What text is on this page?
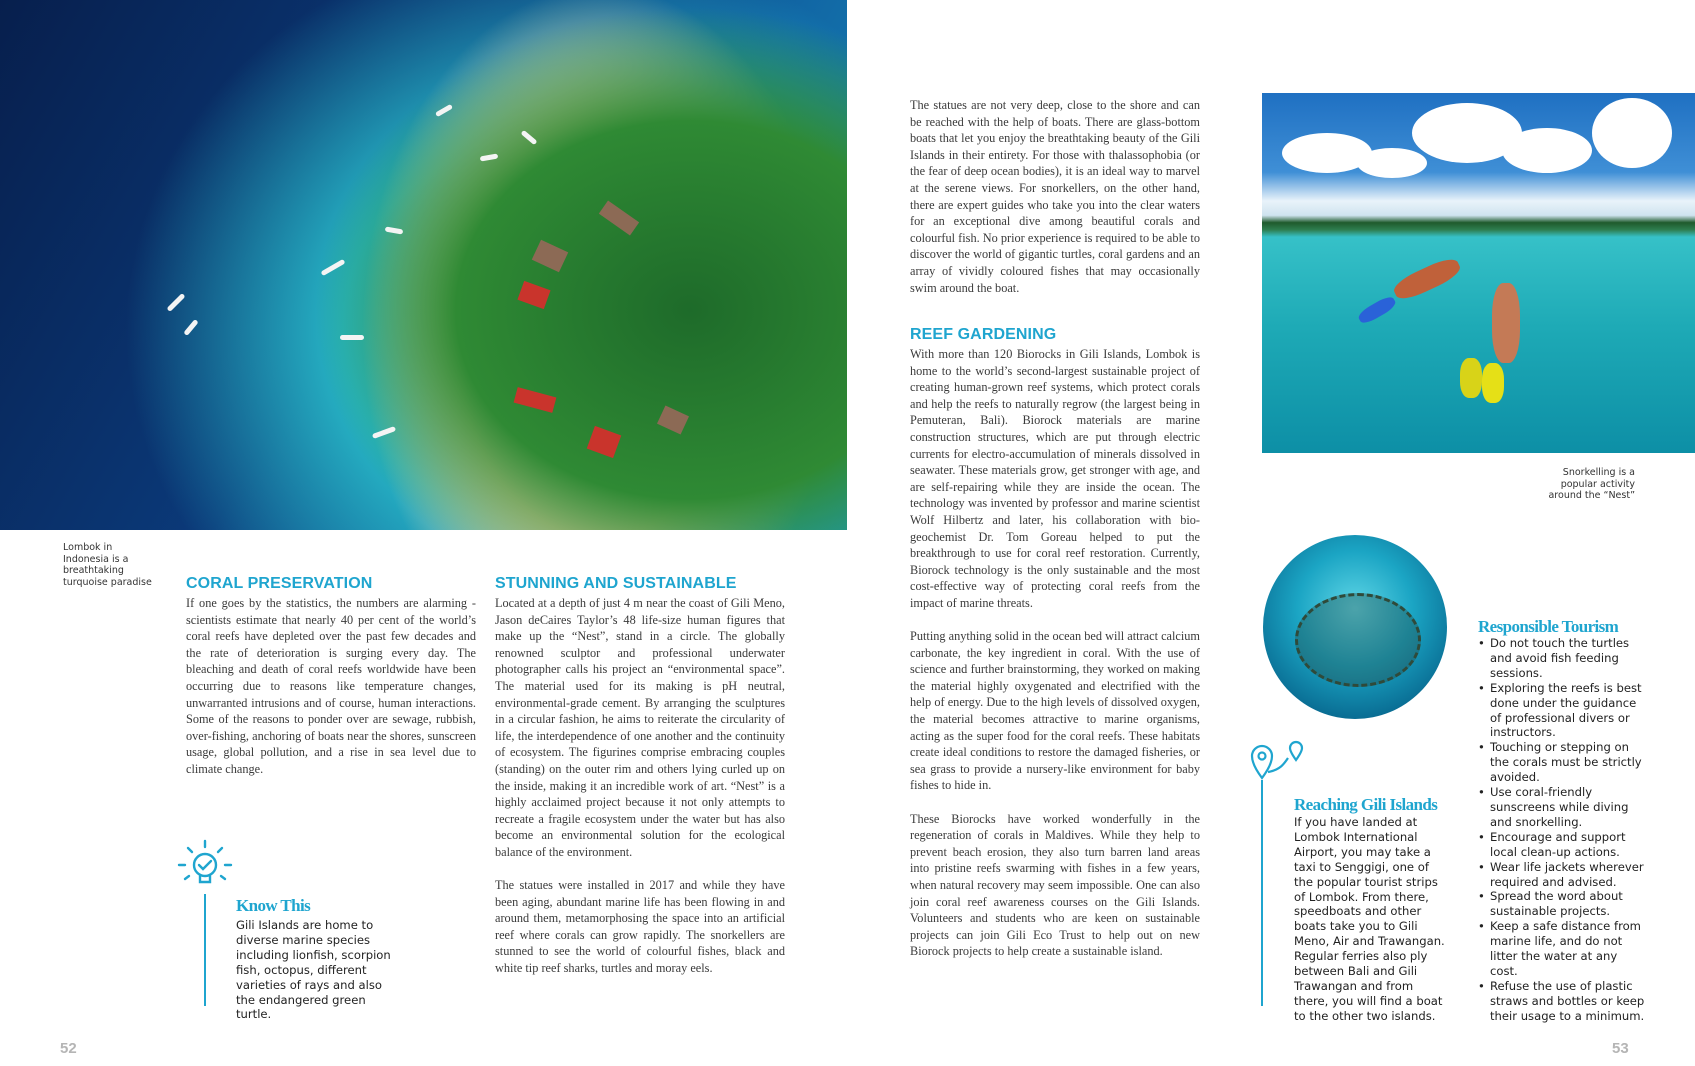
Lombok in Indonesia is a breathtaking turquoise paradise	CORAL PRESERVATION

If one goes by the statistics, the numbers are alarming - scientists estimate that nearly 40 per cent of the world’s coral reefs have depleted over the past few decades and the rate of deterioration is surging every day. The bleaching and death of coral reefs worldwide have been occurring due to reasons like temperature changes, unwarranted intrusions and of course, human interactions. Some of the reasons to ponder over are sewage, rubbish, over-fishing, anchoring of boats near the shores, sunscreen usage, global pollution, and a rise in sea level due to climate change.

Know This

Gili Islands are home to diverse marine species including lionfish, scorpion fish, octopus, different varieties of rays and also the endangered green turtle.

STUNNING AND SUSTAINABLE

Located at a depth of just 4 m near the coast of Gili Meno, Jason deCaires Taylor’s 48 life-size human figures that make up the “Nest”, stand in a circle. The globally renowned sculptor and professional underwater photographer calls his project an “environmental space”. The material used for its making is pH neutral, environmental-grade cement. By arranging the sculptures in a circular fashion, he aims to reiterate the circularity of life, the interdependence of one another and the continuity of ecosystem. The figurines comprise embracing couples (standing) on the outer rim and others lying curled up on the inside, making it an incredible work of art. “Nest” is a highly acclaimed project because it not only attempts to recreate a fragile ecosystem under the water but has also become an environmental solution for the ecological balance of the environment.

The statues were installed in 2017 and while they have been aging, abundant marine life has been flowing in and around them, metamorphosing the space into an artificial reef where corals can grow rapidly. The snorkellers are stunned to see the world of colourful fishes, black and white tip reef sharks, turtles and moray eels.

52

The statues are not very deep, close to the shore and can be reached with the help of boats. There are glass-bottom boats that let you enjoy the breathtaking beauty of the Gili Islands in their entirety. For those with thalassophobia (or the fear of deep ocean bodies), it is an ideal way to marvel at the serene views. For snorkellers, on the other hand, there are expert guides who take you into the clear waters for an exceptional dive among beautiful corals and colourful fish. No prior experience is required to be able to discover the world of gigantic turtles, coral gardens and an array of vividly coloured fishes that may occasionally swim around the boat.

REEF GARDENING

With more than 120 Biorocks in Gili Islands, Lombok is home to the world’s second-largest sustainable project of creating human-grown reef systems, which protect corals and help the reefs to naturally regrow (the largest being in Pemuteran, Bali). Biorock materials are marine construction structures, which are put through electric currents for electro-accumulation of minerals dissolved in seawater. These materials grow, get stronger with age, and are self-repairing while they are inside the ocean. The technology was invented by professor and marine scientist Wolf Hilbertz and later, his collaboration with bio-geochemist Dr. Tom Goreau helped to put the breakthrough to use for coral reef restoration. Currently, Biorock technology is the only sustainable and the most cost-effective way of protecting coral reefs from the impact of marine threats.

Putting anything solid in the ocean bed will attract calcium carbonate, the key ingredient in coral. With the use of science and further brainstorming, they worked on making the material highly oxygenated and electrified with the help of energy. Due to the high levels of dissolved oxygen, the material becomes attractive to marine organisms, acting as the super food for the coral reefs. These habitats create ideal conditions to restore the damaged fisheries, or sea grass to provide a nursery-like environment for baby fishes to hide in.

These Biorocks have worked wonderfully in the regeneration of corals in Maldives. While they help to prevent beach erosion, they also turn barren land areas into pristine reefs swarming with fishes in a few years, when natural recovery may seem impossible. One can also join coral reef awareness courses on the Gili Islands. Volunteers and students who are keen on sustainable projects can join Gili Eco Trust to help out on new Biorock projects to help create a sustainable island.

Snorkelling is a popular activity around the “Nest”
Reaching Gili Islands

If you have landed at Lombok International Airport, you may take a taxi to Senggigi, one of the popular tourist strips of Lombok. From there, speedboats and other boats take you to Gili Meno, Air and Trawangan. Regular ferries also ply between Bali and Gili Trawangan and from there, you will find a boat to the other two islands.

Responsible Tourism
• Do not touch the turtles and avoid fish feeding sessions.
• Exploring the reefs is best done under the guidance of professional divers or instructors.
• Touching or stepping on the corals must be strictly avoided.
• Use coral-friendly sunscreens while diving and snorkelling.
• Encourage and support local clean-up actions.
• Wear life jackets wherever required and advised.
• Spread the word about sustainable projects.
• Keep a safe distance from marine life, and do not litter the water at any cost.
• Refuse the use of plastic straws and bottles or keep their usage to a minimum.
53
